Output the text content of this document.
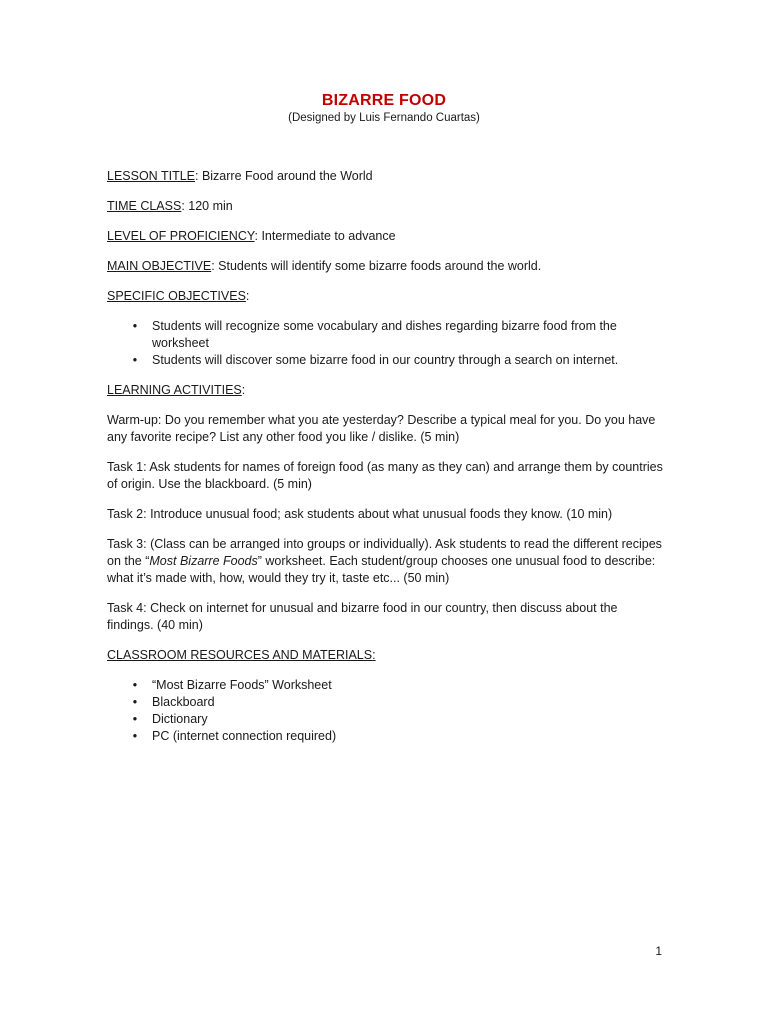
BIZARRE FOOD
(Designed by Luis Fernando Cuartas)

LESSON TITLE: Bizarre Food around the World

TIME CLASS: 120 min

LEVEL OF PROFICIENCY: Intermediate to advance

MAIN OBJECTIVE: Students will identify some bizarre foods around the world.

SPECIFIC OBJECTIVES:

• Students will recognize some vocabulary and dishes regarding bizarre food from the worksheet
• Students will discover some bizarre food in our country through a search on internet.

LEARNING ACTIVITIES:

Warm-up: Do you remember what you ate yesterday? Describe a typical meal for you. Do you have any favorite recipe? List any other food you like / dislike. (5 min)

Task 1: Ask students for names of foreign food (as many as they can) and arrange them by countries of origin. Use the blackboard. (5 min)

Task 2: Introduce unusual food; ask students about what unusual foods they know. (10 min)

Task 3: (Class can be arranged into groups or individually). Ask students to read the different recipes on the “Most Bizarre Foods” worksheet. Each student/group chooses one unusual food to describe: what it’s made with, how, would they try it, taste etc... (50 min)

Task 4: Check on internet for unusual and bizarre food in our country, then discuss about the findings. (40 min)

CLASSROOM RESOURCES AND MATERIALS:

• “Most Bizarre Foods” Worksheet
• Blackboard
• Dictionary
• PC (internet connection required)
1
